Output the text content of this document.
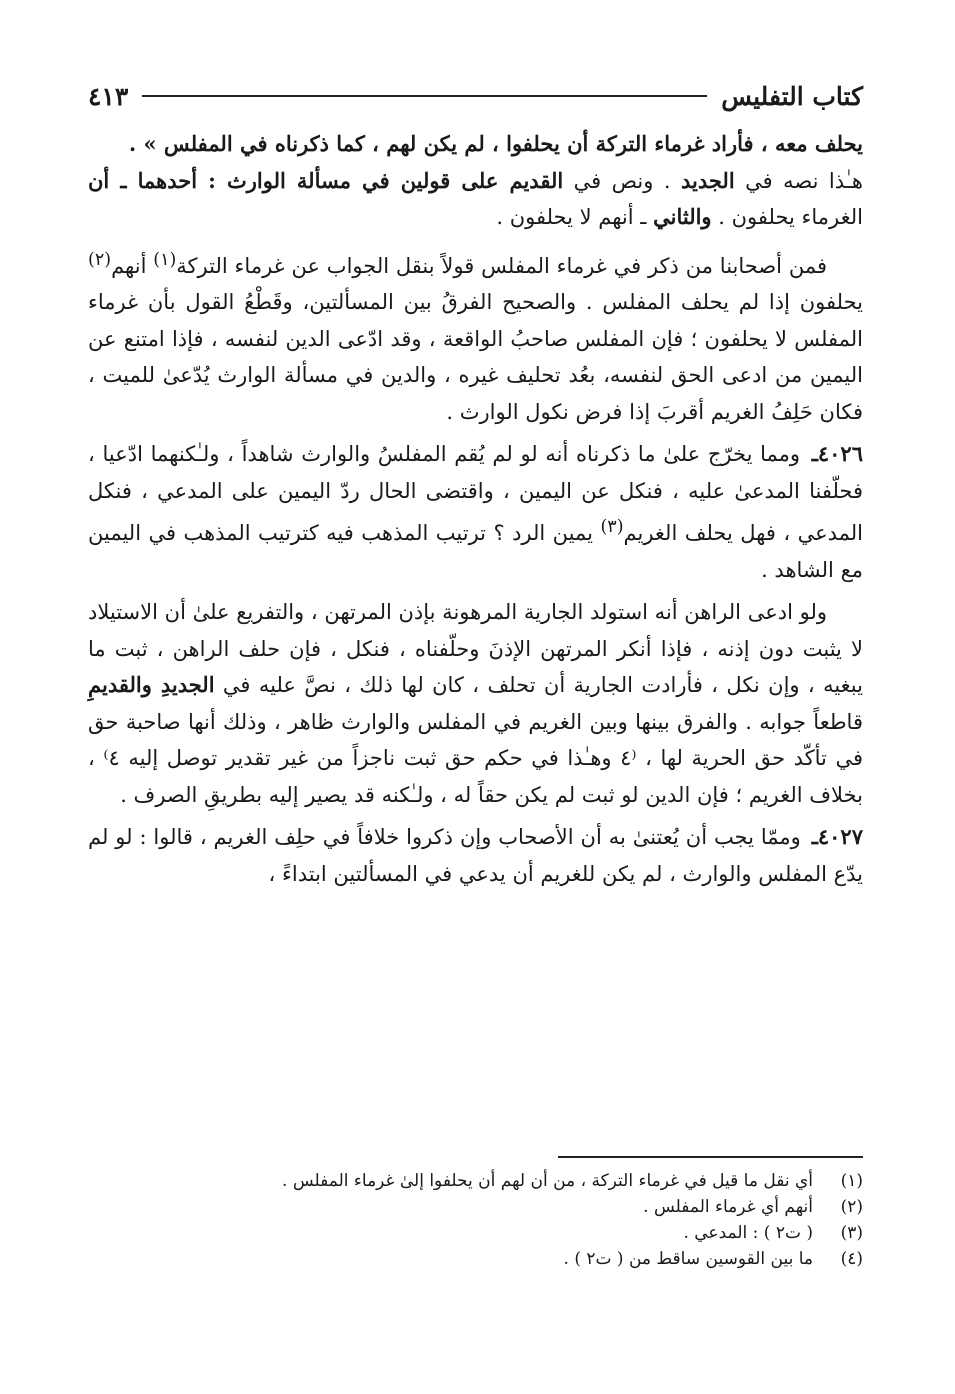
كتاب التفليس
٤١٣

يحلف معه ، فأراد غرماء التركة أن يحلفوا ، لم يكن لهم ، كما ذكرناه في المفلس » .

هـٰذا نصه في الجديد . ونص في القديم على قولين في مسألة الوارث : أحدهما ـ أن الغرماء يحلفون . والثاني ـ أنهم لا يحلفون .

فمن أصحابنا من ذكر في غرماء المفلس قولاً بنقل الجواب عن غرماء التركة$^{(١)}$ أنهم$^{(٢)}$ يحلفون إذا لم يحلف المفلس . والصحيح الفرقُ بين المسألتين، وقَطْعُ القول بأن غرماء المفلس لا يحلفون ؛ فإن المفلس صاحبُ الواقعة ، وقد ادّعى الدين لنفسه ، فإذا امتنع عن اليمين من ادعى الحق لنفسه، بعُد تحليف غيره ، والدين في مسألة الوارث يُدّعىٰ للميت ، فكان حَلِفُ الغريم أقربَ إذا فرض نكول الوارث .

٤٠٢٦ـ ومما يخرّج علىٰ ما ذكرناه أنه لو لم يُقم المفلسُ والوارث شاهداً ، ولـٰكنهما ادّعيا ، فحلّفنا المدعىٰ عليه ، فنكل عن اليمين ، واقتضى الحال ردّ اليمين على المدعي ، فنكل المدعي ، فهل يحلف الغريم$^{(٣)}$ يمين الرد ؟ ترتيب المذهب فيه كترتيب المذهب في اليمين مع الشاهد .

ولو ادعى الراهن أنه استولد الجارية المرهونة بإذن المرتهن ، والتفريع علىٰ أن الاستيلاد لا يثبت دون إذنه ، فإذا أنكر المرتهن الإذنَ وحلّفناه ، فنكل ، فإن حلف الراهن ، ثبت ما يبغيه ، وإن نكل ، فأرادت الجارية أن تحلف ، كان لها ذلك ، نصَّ عليه في الجديدِ والقديمِ قاطعاً جوابه . والفرق بينها وبين الغريم في المفلس والوارث ظاهر ، وذلك أنها صاحبة حق في تأكّد حق الحرية لها ، ⁽٤ وهـٰذا في حكم حق ثبت ناجزاً من غير تقدير توصل إليه ٤⁾ ، بخلاف الغريم ؛ فإن الدين لو ثبت لم يكن حقاً له ، ولـٰكنه قد يصير إليه بطريقِ الصرف .

٤٠٢٧ـ وممّا يجب أن يُعتنىٰ به أن الأصحاب وإن ذكروا خلافاً في حلِف الغريم ، قالوا : لو لم يدّع المفلس والوارث ، لم يكن للغريم أن يدعي في المسألتين ابتداءً ،

(١)
أي نقل ما قيل في غرماء التركة ، من أن لهم أن يحلفوا إلىٰ غرماء المفلس .
(٢)
أنهم أي غرماء المفلس .
(٣)
( ت٢ ) : المدعي .
(٤)
ما بين القوسين ساقط من ( ت٢ ) .
